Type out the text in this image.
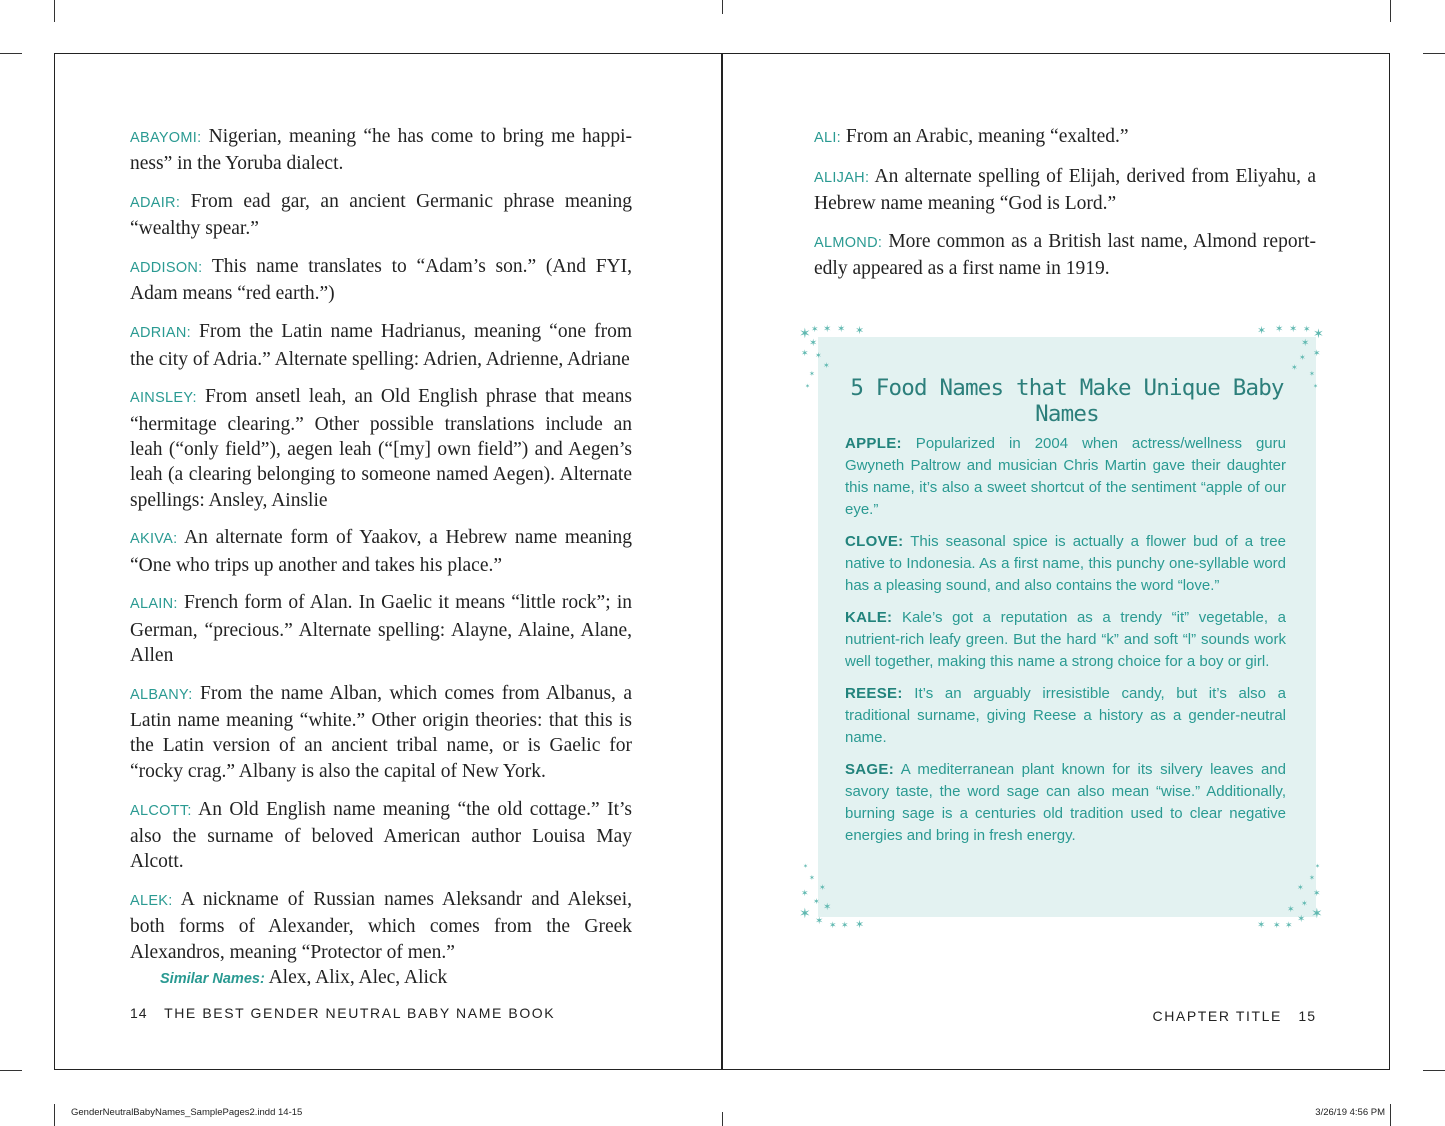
ABAYOMI: Nigerian, meaning “he has come to bring me happiness” in the Yoruba dialect.

ADAIR: From ead gar, an ancient Germanic phrase meaning “wealthy spear.”

ADDISON: This name translates to “Adam’s son.” (And FYI, Adam means “red earth.”)

ADRIAN: From the Latin name Hadrianus, meaning “one from the city of Adria.” Alternate spelling: Adrien, Adrienne, Adriane

AINSLEY: From ansetl leah, an Old English phrase that means “hermitage clearing.” Other possible translations include an leah (“only field”), aegen leah (“[my] own field”) and Aegen’s leah (a clearing belonging to someone named Aegen). Alternate spellings: Ansley, Ainslie

AKIVA: An alternate form of Yaakov, a Hebrew name meaning “One who trips up another and takes his place.”

ALAIN: French form of Alan. In Gaelic it means “little rock”; in German, “precious.” Alternate spelling: Alayne, Alaine, Alane, Allen

ALBANY: From the name Alban, which comes from Albanus, a Latin name meaning “white.” Other origin theories: that this is the Latin version of an ancient tribal name, or is Gaelic for “rocky crag.” Albany is also the capital of New York.

ALCOTT: An Old English name meaning “the old cottage.” It’s also the surname of beloved American author Louisa May Alcott.

ALEK: A nickname of Russian names Aleksandr and Aleksei, both forms of Alexander, which comes from the Greek Alexandros, meaning “Protector of men.”

Similar Names: Alex, Alix, Alec, Alick

14 THE BEST GENDER NEUTRAL BABY NAME BOOK

ALI: From an Arabic, meaning “exalted.”

ALIJAH: An alternate spelling of Elijah, derived from Eliyahu, a Hebrew name meaning “God is Lord.”

ALMOND: More common as a British last name, Almond reportedly appeared as a first name in 1919.

5 Food Names that Make Unique Baby Names

APPLE: Popularized in 2004 when actress/wellness guru Gwyneth Paltrow and musician Chris Martin gave their daughter this name, it’s also a sweet shortcut of the sentiment “apple of our eye.”

CLOVE: This seasonal spice is actually a flower bud of a tree native to Indonesia. As a first name, this punchy one-syllable word has a pleasing sound, and also contains the word “love.”

KALE: Kale’s got a reputation as a trendy “it” vegetable, a nutrient-rich leafy green. But the hard “k” and soft “l” sounds work well together, making this name a strong choice for a boy or girl.

REESE: It’s an arguably irresistible candy, but it’s also a traditional surname, giving Reese a history as a gender-neutral name.

SAGE: A mediterranean plant known for its silvery leaves and savory taste, the word sage can also mean “wise.” Additionally, burning sage is a centuries old tradition used to clear negative energies and bring in fresh energy.

✶ ✶ ✶ ✶ ✶
✶
✶ ✶
✶
✶
✶
✶ ✶ ✶ ✶ ✶
✶
✶
✶
✶
✶
✶
✶
✶
✶
✶
✶
✶
✶ ✶ ✶ ✶ ✶
✶
✶
✶
✶
✶
✶ ✶
✶
✶ ✶ ✶
CHAPTER TITLE 15
GenderNeutralBabyNames_SamplePages2.indd 14-15	3/26/19 4:56 PM
